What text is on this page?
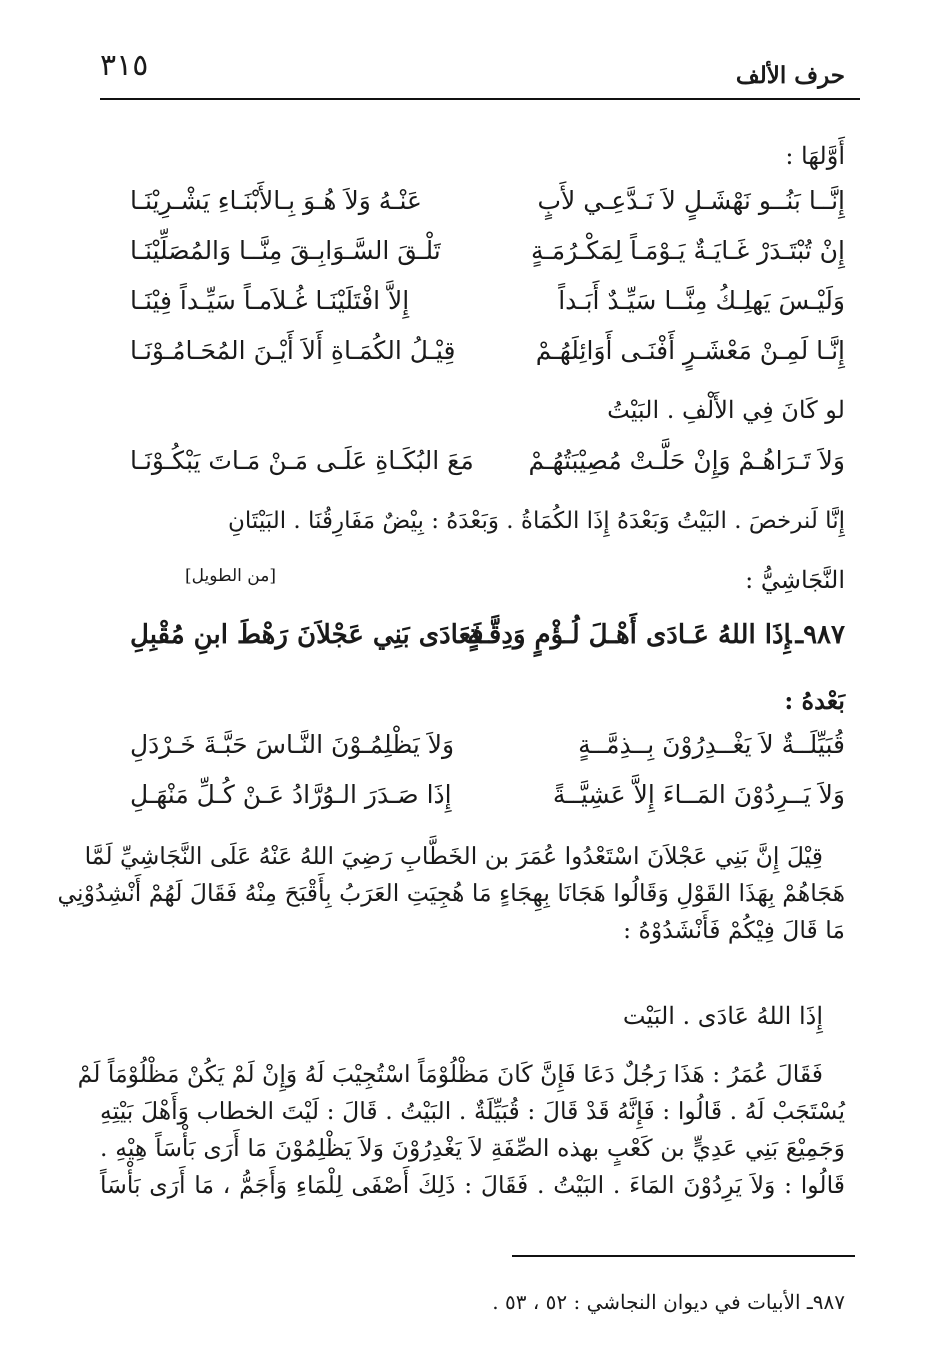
حرف الألف
٣١٥
أَوَّلهَا :
إِنَّــا بَنُــو نَهْشَـلٍ لاَ نَـدَّعِـي لأَبٍ
عَنْـهُ وَلاَ هُـوَ بِـالأَبْنَـاءِ يَشْـرِيْنَـا
إِنْ تُبْتَـدَرْ غَـايَـةٌ يَـوْمَـاً لِمَكْـرُمَـةٍ
تَلْـقَ السَّـوَابِـقَ مِنَّــا وَالمُصَلِّيْنَـا
وَلَيْـسَ يَهلِـكُ مِنَّــا سَيِّـدٌ أَبَـداً
إِلاَّ افْتَلَيْنَـا غُـلاَمـاً سَيِّـداً فِيْنَـا
إِنَّـا لَمِـنْ مَعْشَـرٍ أَفْنَـى أَوَائِلَهُـمْ
قِيْـلُ الكُمَـاةِ أَلاَ أَيْـنَ المُحَـامُـوْنَـا
لو كَانَ فِي الأَلْفِ . البَيْتُ
وَلاَ تَـرَاهُـمْ وَإِنْ حَلَّـتْ مُصِيْبَتُهُـمْ
مَعَ البُكَـاةِ عَلَـى مَـنْ مَـاتَ يَبْكُـوْنَـا
إِنَّا لَنرخصَ . البَيْتُ وَبَعْدَهُ إِذَا الكُمَاةُ . وَبَعْدَهُ : بِيْضٌ مَفَارِقُنَا . البَيْتَانِ
النَّجَاشِيُّ :
[من الطويل]
٩٨٧ـإِذَا اللهُ عَـادَى أَهْـلَ لُـؤْمٍ وَدِقَّـةٍ
فَعَادَى بَنِي عَجْلاَنَ رَهْطَ ابنِ مُقْبِلِ
بَعْدهُ :
قُبَيِّلَــةٌ لاَ يَغْــدِرُوْنَ بِــذِمَّــةٍ
وَلاَ يَظْلِمُـوْنَ النَّـاسَ حَبَّـةَ خَـرْدَلِ
وَلاَ يَــرِدُوْنَ المَــاءَ إِلاَّ عَشِيَّــةً
إِذَا صَـدَرَ الـوُرَّادُ عَـنْ كُـلِّ مَنْهَـلِ
قِيْلَ إِنَّ بَنِي عَجْلاَنَ اسْتَعْدُوا عُمَرَ بن الخَطَّابِ رَضِيَ اللهُ عَنْهُ عَلَى النَّجَاشِيِّ لَمَّا
هَجَاهُمْ بِهَذَا القَوْلِ وَقَالُوا هَجَانَا بِهِجَاءٍ مَا هُجِيَتِ العَرَبُ بِأَقْبَحَ مِنْهُ فَقَالَ لَهُمْ أَنْشِدُوْنِي
مَا قَالَ فِيْكُمْ فَأَنْشَدُوْهُ :
إِذَا اللهُ عَادَى . البَيْت
فَقَالَ عُمَرُ : هَذَا رَجُلٌ دَعَا فَإِنَّ كَانَ مَظْلُوْمَاً اسْتُجِيْبَ لَهُ وَإِنْ لَمْ يَكُنْ مَظْلُوْمَاً لَمْ
يُسْتَجَبْ لَهُ . قَالُوا : فَإِنَّهُ قَدْ قَالَ : قُبَيِّلَةٌ . البَيْتُ . قَالَ : لَيْتَ الخطاب وَأَهْلَ بَيْتِهِ
وَجَمِيْعَ بَنِي عَدِيٍّ بن كَعْبٍ بهذه الصِّفَةِ لاَ يَغْدِرُوْنَ وَلاَ يَظْلِمُوْنَ مَا أَرَى بَأْسَاً هِيْهِ .
قَالُوا : وَلاَ يَرِدُوْنَ المَاءَ . البَيْتُ . فَقَالَ : ذَلِكَ أَصْفَى لِلْمَاءِ وَأَجَمُّ ، مَا أَرَى بَأْسَاً
٩٨٧ـ الأبيات في ديوان النجاشي : ٥٢ ، ٥٣ .
